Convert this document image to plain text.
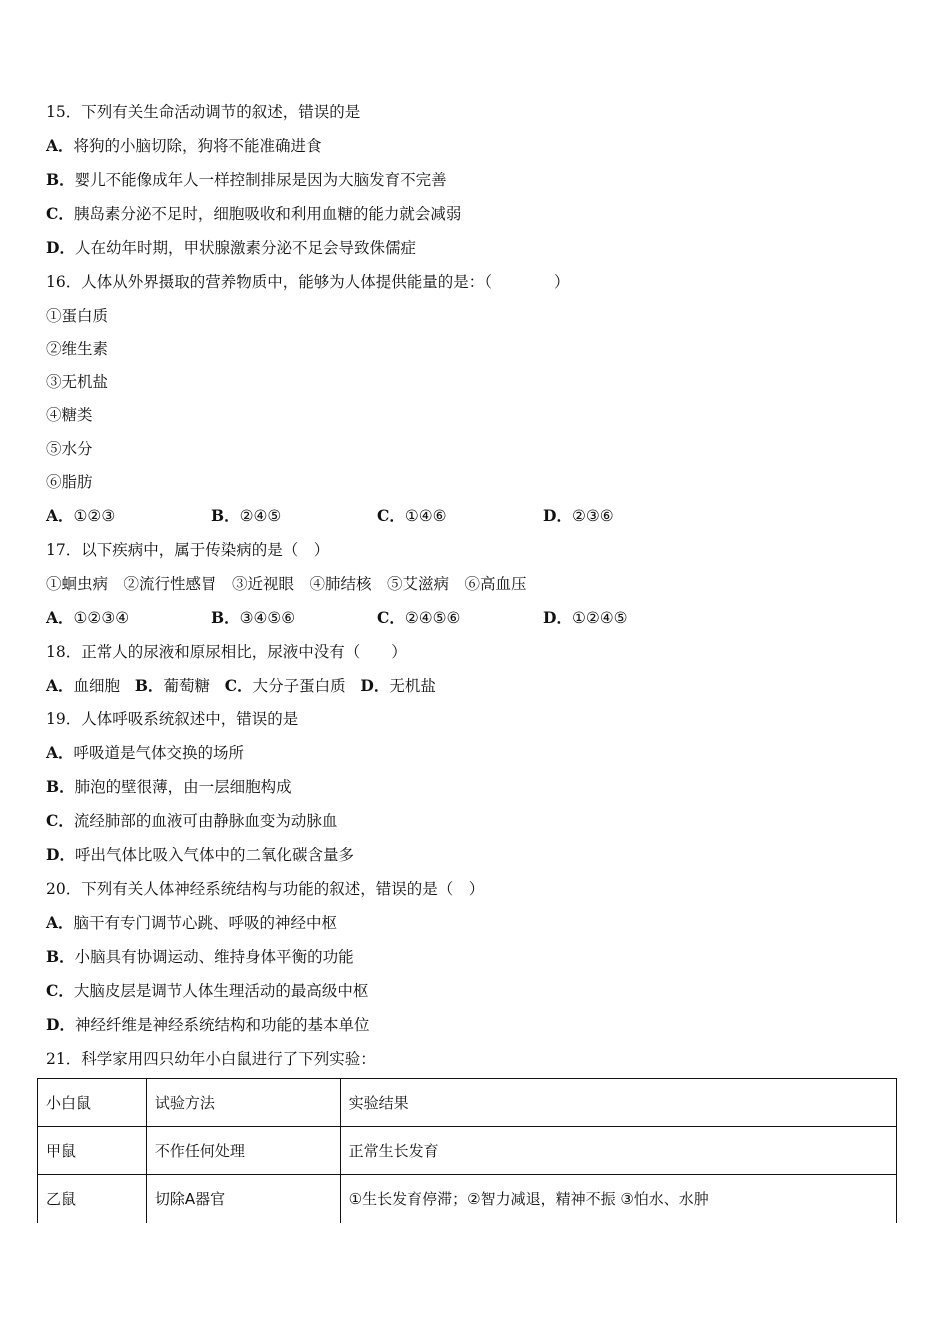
15．下列有关生命活动调节的叙述，错误的是
A．将狗的小脑切除，狗将不能准确进食
B．婴儿不能像成年人一样控制排尿是因为大脑发育不完善
C．胰岛素分泌不足时，细胞吸收和利用血糖的能力就会减弱
D．人在幼年时期，甲状腺激素分泌不足会导致侏儒症
16．人体从外界摄取的营养物质中，能够为人体提供能量的是：（　　　　）
①蛋白质
②维生素
③无机盐
④糖类
⑤水分
⑥脂肪
A．①②③	B．②④⑤	C．①④⑥	D．②③⑥
17．以下疾病中，属于传染病的是（　）
①蛔虫病　②流行性感冒　③近视眼　④肺结核　⑤艾滋病　⑥高血压
A．①②③④	B．③④⑤⑥	C．②④⑤⑥	D．①②④⑤
18．正常人的尿液和原尿相比，尿液中没有（　　）
A．血细胞 B．葡萄糖 C．大分子蛋白质 D．无机盐
19．人体呼吸系统叙述中，错误的是
A．呼吸道是气体交换的场所
B．肺泡的壁很薄，由一层细胞构成
C．流经肺部的血液可由静脉血变为动脉血
D．呼出气体比吸入气体中的二氧化碳含量多
20．下列有关人体神经系统结构与功能的叙述，错误的是（　）
A．脑干有专门调节心跳、呼吸的神经中枢
B．小脑具有协调运动、维持身体平衡的功能
C．大脑皮层是调节人体生理活动的最高级中枢
D．神经纤维是神经系统结构和功能的基本单位
21．科学家用四只幼年小白鼠进行了下列实验：
小白鼠	试验方法	实验结果
甲鼠	不作任何处理	正常生长发育
乙鼠	切除A器官	①生长发育停滞；②智力减退，精神不振 ③怕水、水肿
